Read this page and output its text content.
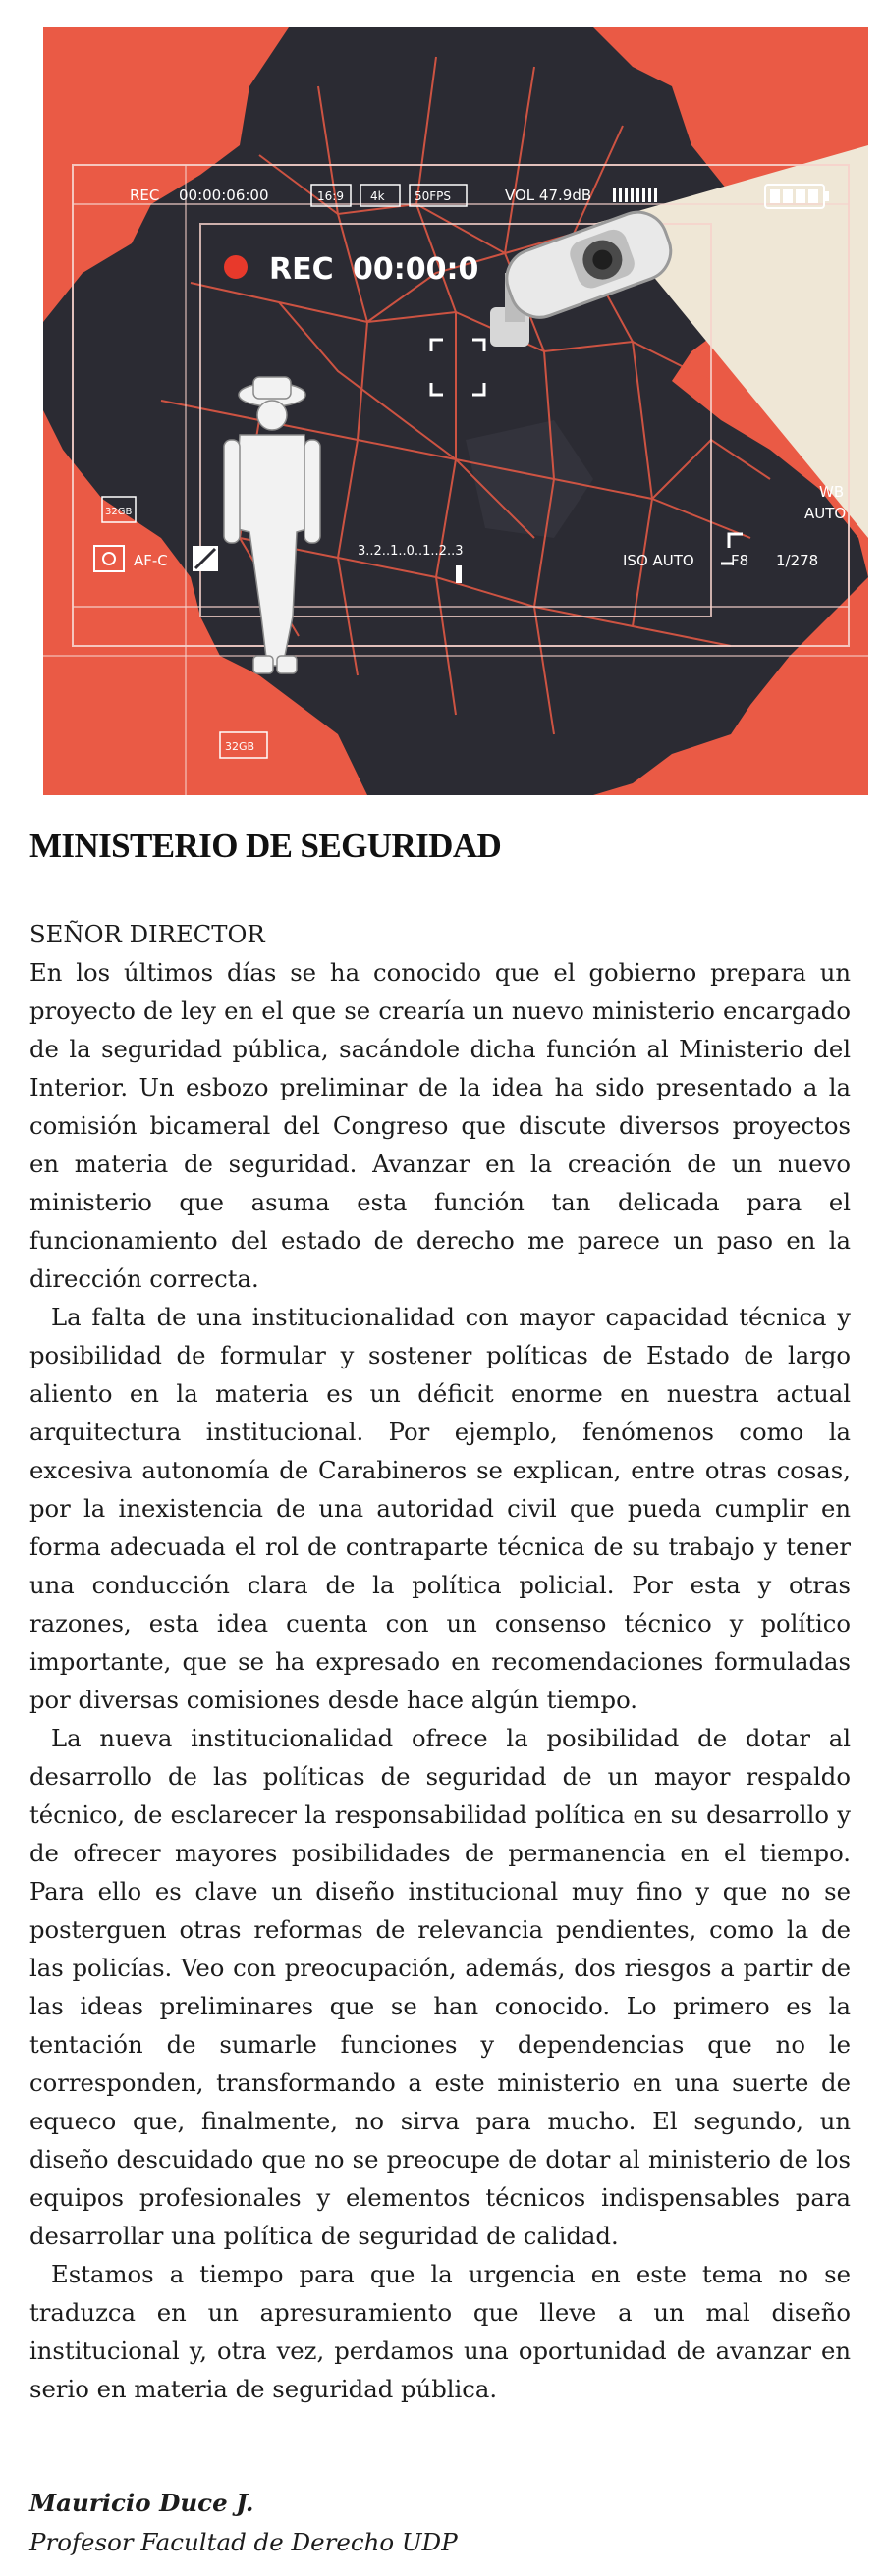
REC 00:00:06:00	16:9 4k	50FPS	VOL 47.9dB
REC 00:00:0
32GB
AF-C
3..2..1..0..1..2..3
ISO AUTO F8 1/278
WB
AUTO
32GB
MINISTERIO DE SEGURIDAD

SEÑOR DIRECTOR

En los últimos días se ha conocido que el gobierno prepara un proyecto de ley en el que se crearía un nuevo ministerio encargado de la seguridad pública, sacándole dicha función al Ministerio del Interior. Un esbozo preliminar de la idea ha sido presentado a la comisión bicameral del Congreso que discute diversos proyectos en materia de seguridad. Avanzar en la creación de un nuevo ministerio que asuma esta función tan delicada para el funcionamiento del estado de derecho me parece un paso en la dirección correcta.

La falta de una institucionalidad con mayor capacidad técnica y posibilidad de formular y sostener políticas de Estado de largo aliento en la materia es un déficit enorme en nuestra actual arquitectura institucional. Por ejemplo, fenómenos como la excesiva autonomía de Carabineros se explican, entre otras cosas, por la inexistencia de una autoridad civil que pueda cumplir en forma adecuada el rol de contraparte técnica de su trabajo y tener una conducción clara de la política policial. Por esta y otras razones, esta idea cuenta con un consenso técnico y político importante, que se ha expresado en recomendaciones formuladas por diversas comisiones desde hace algún tiempo.

La nueva institucionalidad ofrece la posibilidad de dotar al desarrollo de las políticas de seguridad de un mayor respaldo técnico, de esclarecer la responsabilidad política en su desarrollo y de ofrecer mayores posibilidades de permanencia en el tiempo. Para ello es clave un diseño institucional muy fino y que no se posterguen otras reformas de relevancia pendientes, como la de las policías. Veo con preocupación, además, dos riesgos a partir de las ideas preliminares que se han conocido. Lo primero es la tentación de sumarle funciones y dependencias que no le corresponden, transformando a este ministerio en una suerte de equeco que, finalmente, no sirva para mucho. El segundo, un diseño descuidado que no se preocupe de dotar al ministerio de los equipos profesionales y elementos técnicos indispensables para desarrollar una política de seguridad de calidad.

Estamos a tiempo para que la urgencia en este tema no se traduzca en un apresuramiento que lleve a un mal diseño institucional y, otra vez, perdamos una oportunidad de avanzar en serio en materia de seguridad pública.

Mauricio Duce J.
Profesor Facultad de Derecho UDP
